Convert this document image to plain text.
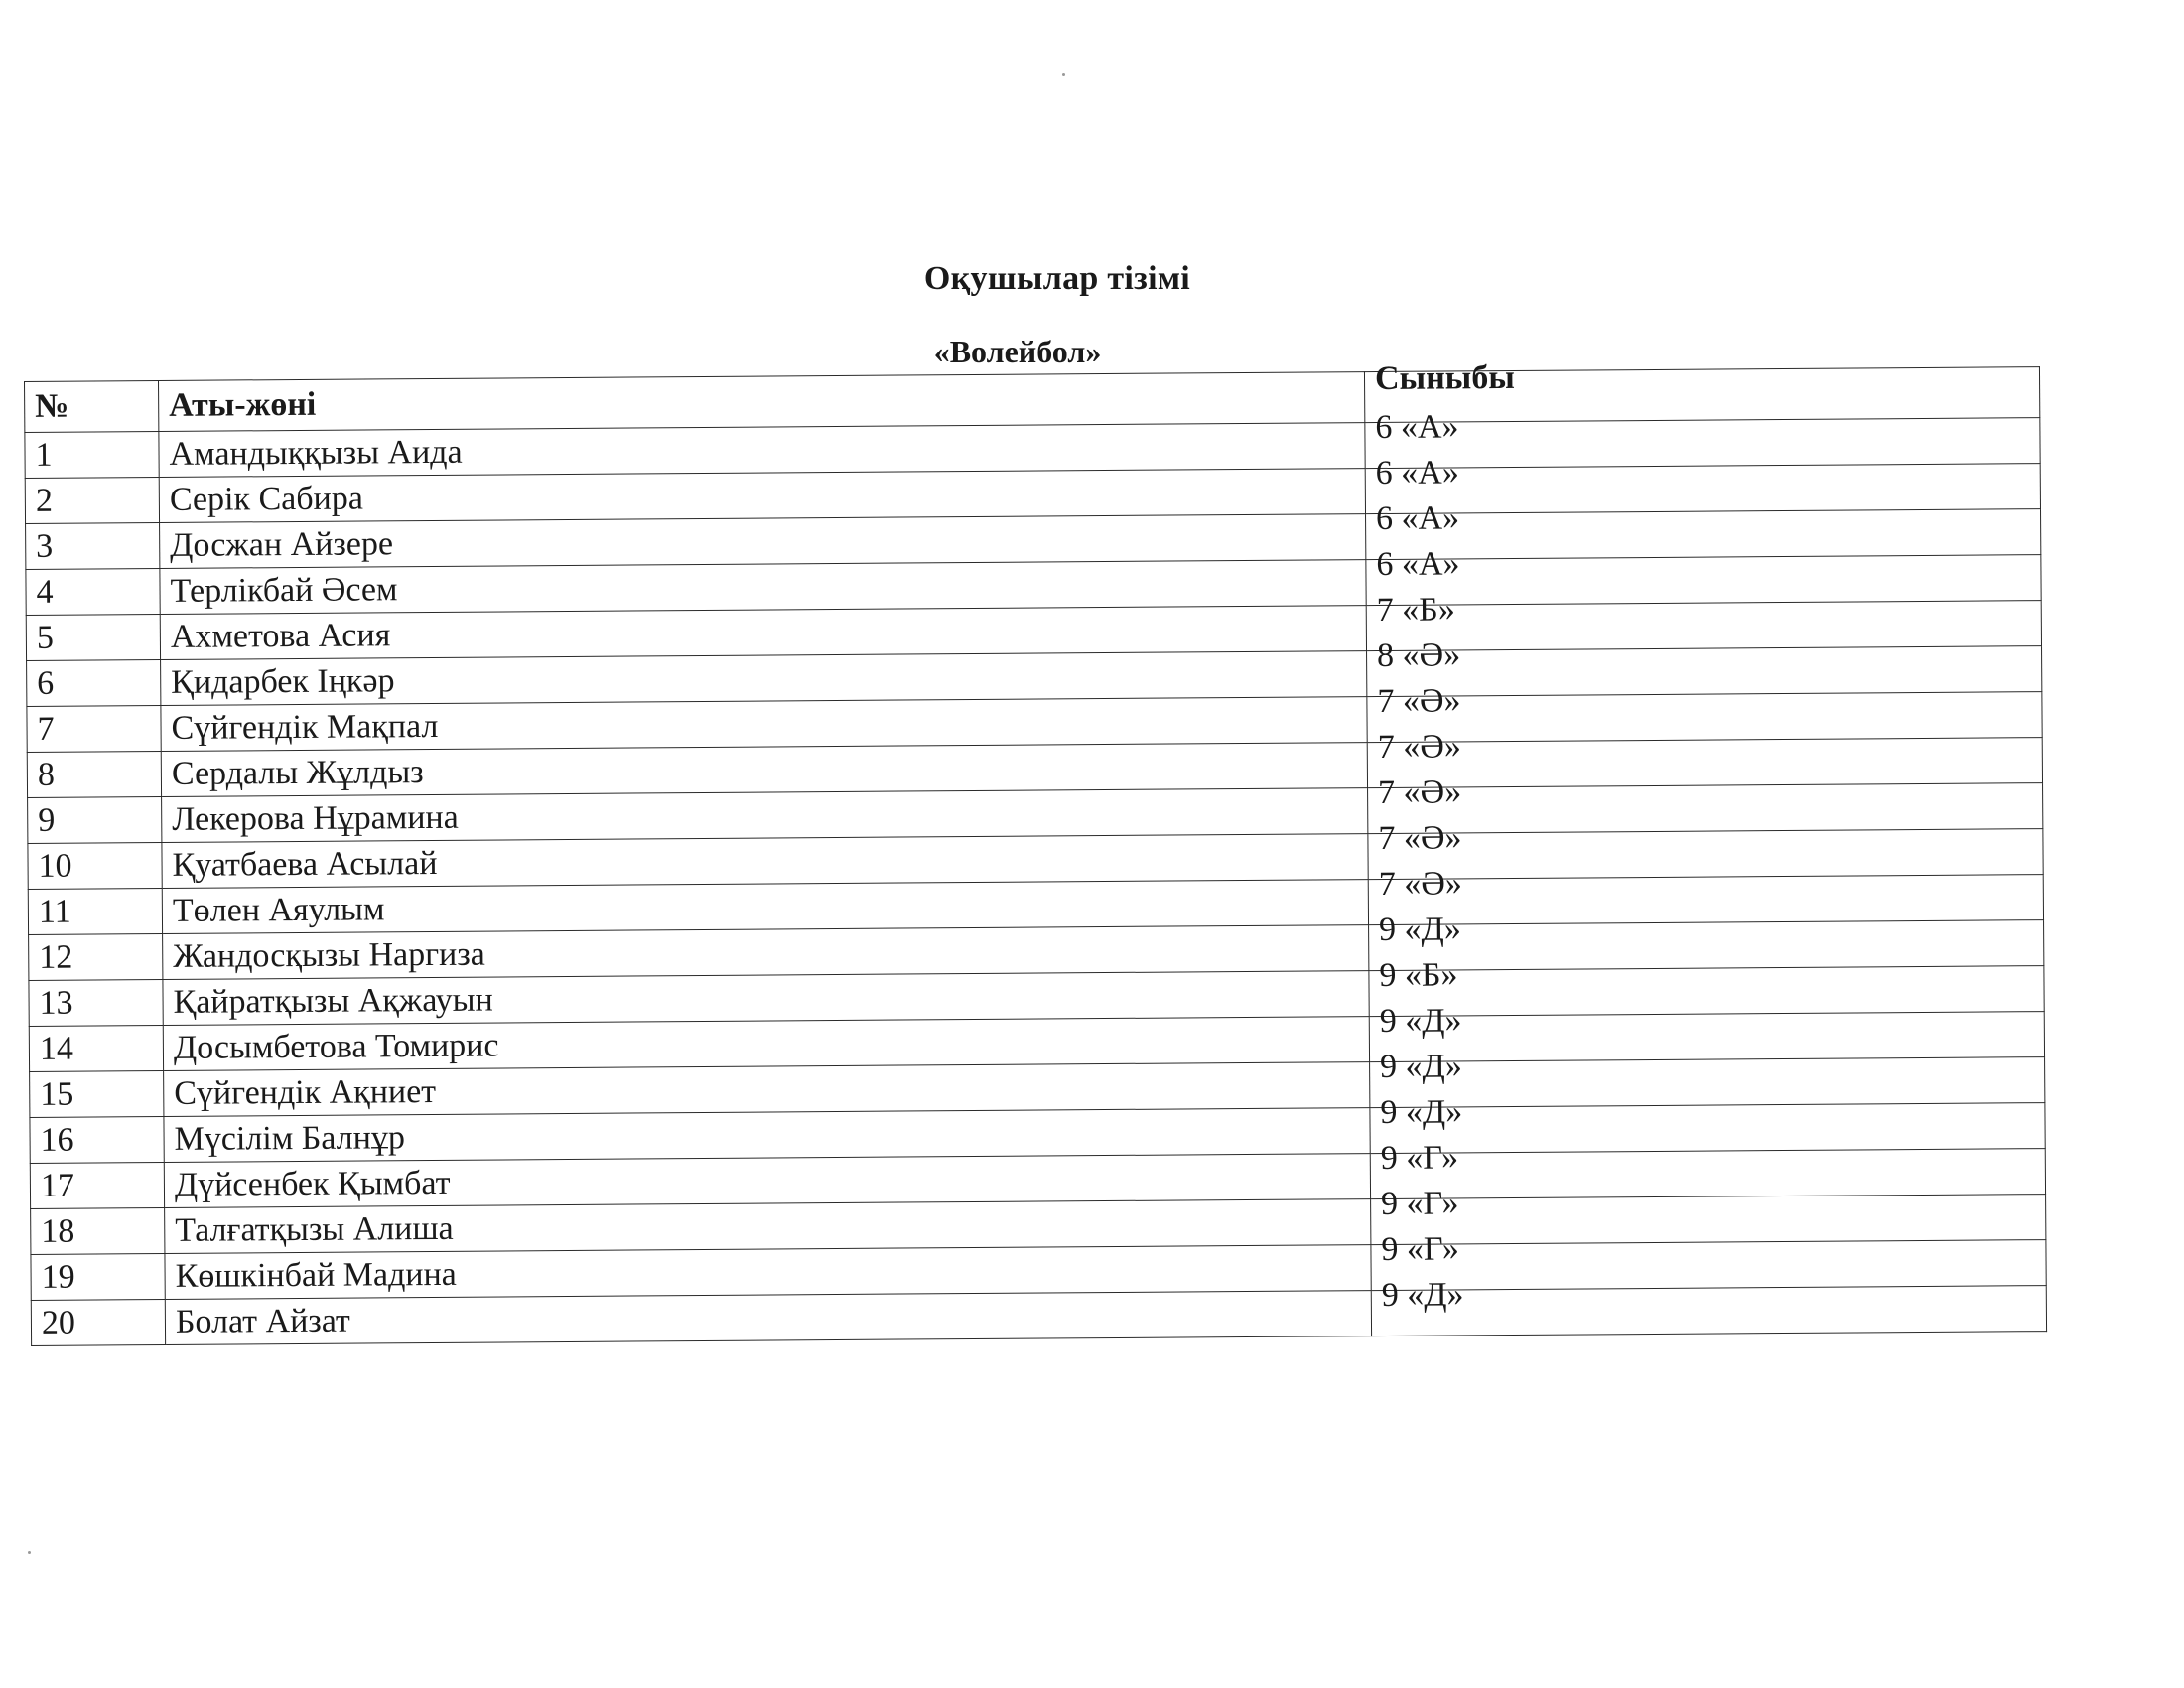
Оқушылар тізімі
«Волейбол»
№	Аты-жөні	Сыныбы
1	Амандыққызы Аида	6 «А»
2	Серік Сабира	6 «А»
3	Досжан Айзере	6 «А»
4	Терлікбай Әсем	6 «А»
5	Ахметова Асия	7 «Б»
6	Қидарбек Іңкәр	8 «Ә»
7	Сүйгендік Мақпал	7 «Ә»
8	Сердалы Жұлдыз	7 «Ә»
9	Лекерова Нұрамина	7 «Ә»
10	Қуатбаева Асылай	7 «Ә»
11	Төлен Аяулым	7 «Ә»
12	Жандосқызы Наргиза	9 «Д»
13	Қайратқызы Ақжауын	9 «Б»
14	Досымбетова Томирис	9 «Д»
15	Сүйгендік Ақниет	9 «Д»
16	Мүсілім Балнұр	9 «Д»
17	Дүйсенбек Қымбат	9 «Г»
18	Талғатқызы Алиша	9 «Г»
19	Көшкінбай Мадина	9 «Г»
20	Болат Айзат	9 «Д»
